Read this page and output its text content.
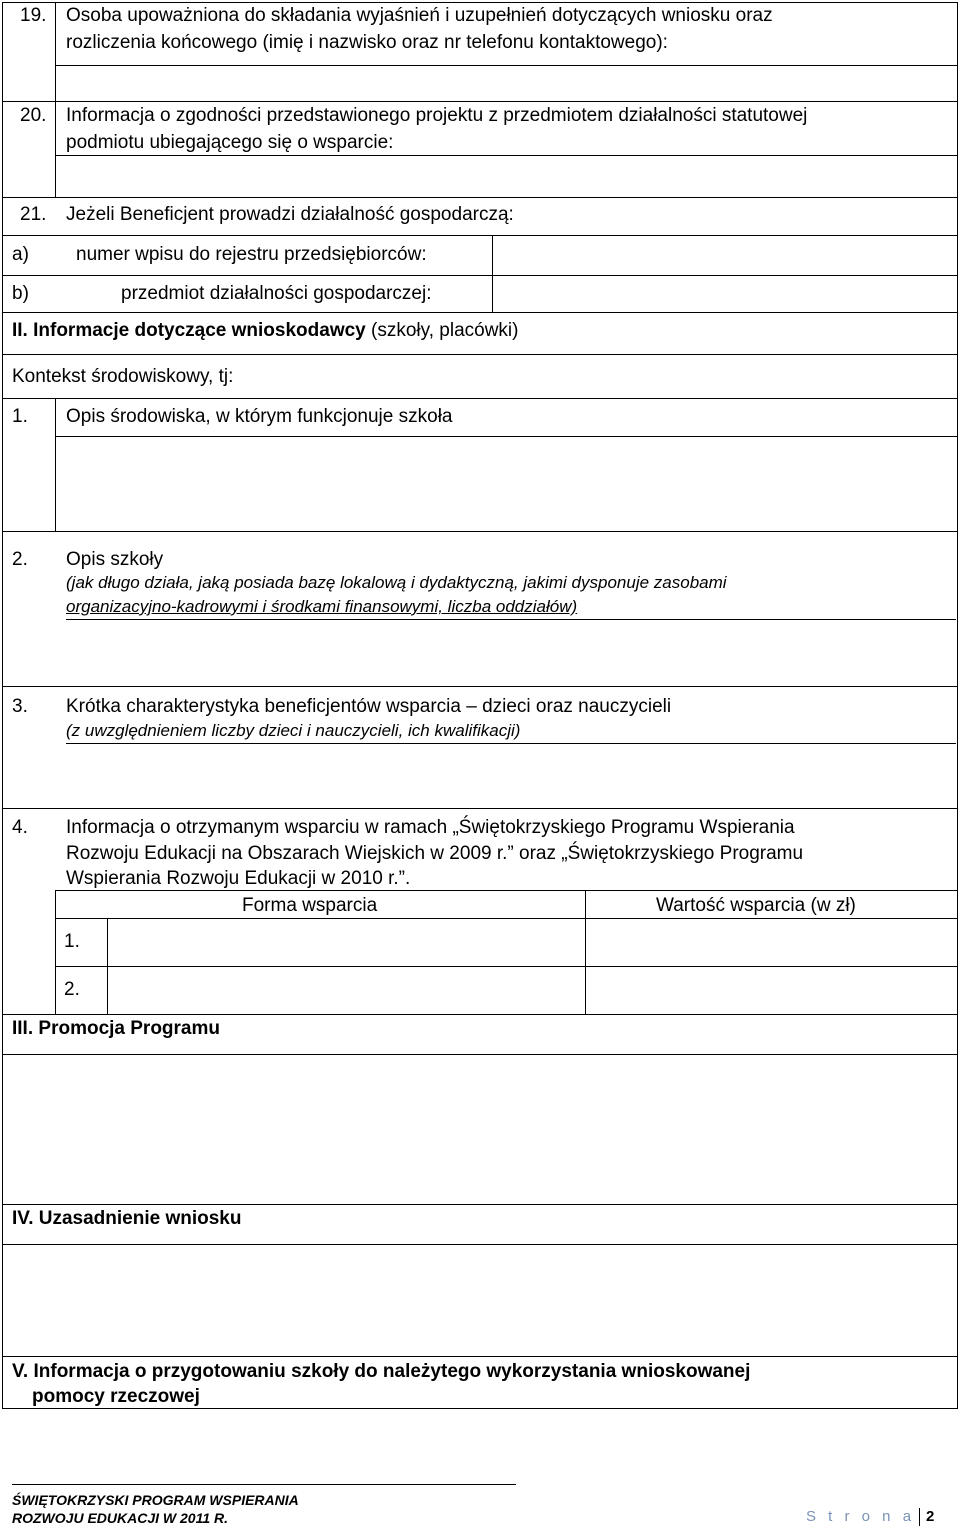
19. Osoba upoważniona do składania wyjaśnień i uzupełnień dotyczących wniosku oraz
rozliczenia końcowego (imię i nazwisko oraz nr telefonu kontaktowego):
20. Informacja o zgodności przedstawionego projektu z przedmiotem działalności statutowej
podmiotu ubiegającego się o wsparcie:
21. Jeżeli Beneficjent prowadzi działalność gospodarczą:
a) numer wpisu do rejestru przedsiębiorców:
b)	przedmiot działalności gospodarczej:
II. Informacje dotyczące wnioskodawcy (szkoły, placówki)
Kontekst środowiskowy, tj:
1. Opis środowiska, w którym funkcjonuje szkoła
2. Opis szkoły
(jak długo działa, jaką posiada bazę lokalową i dydaktyczną, jakimi dysponuje zasobami
organizacyjno-kadrowymi i środkami finansowymi, liczba oddziałów)
3. Krótka charakterystyka beneficjentów wsparcia – dzieci oraz nauczycieli
(z uwzględnieniem liczby dzieci i nauczycieli, ich kwalifikacji)
4. Informacja o otrzymanym wsparciu w ramach „Świętokrzyskiego Programu Wspierania
Rozwoju Edukacji na Obszarach Wiejskich w 2009 r.” oraz „Świętokrzyskiego Programu
Wspierania Rozwoju Edukacji w 2010 r.”.
Forma wsparcia	Wartość wsparcia (w zł)
1.
2.
III. Promocja Programu
IV. Uzasadnienie wniosku
V. Informacja o przygotowaniu szkoły do należytego wykorzystania wnioskowanej
pomocy rzeczowej
ŚWIĘTOKRZYSKI PROGRAM WSPIERANIA
ROZWOJU EDUKACJI W 2011 R.	S t r o n a 2
